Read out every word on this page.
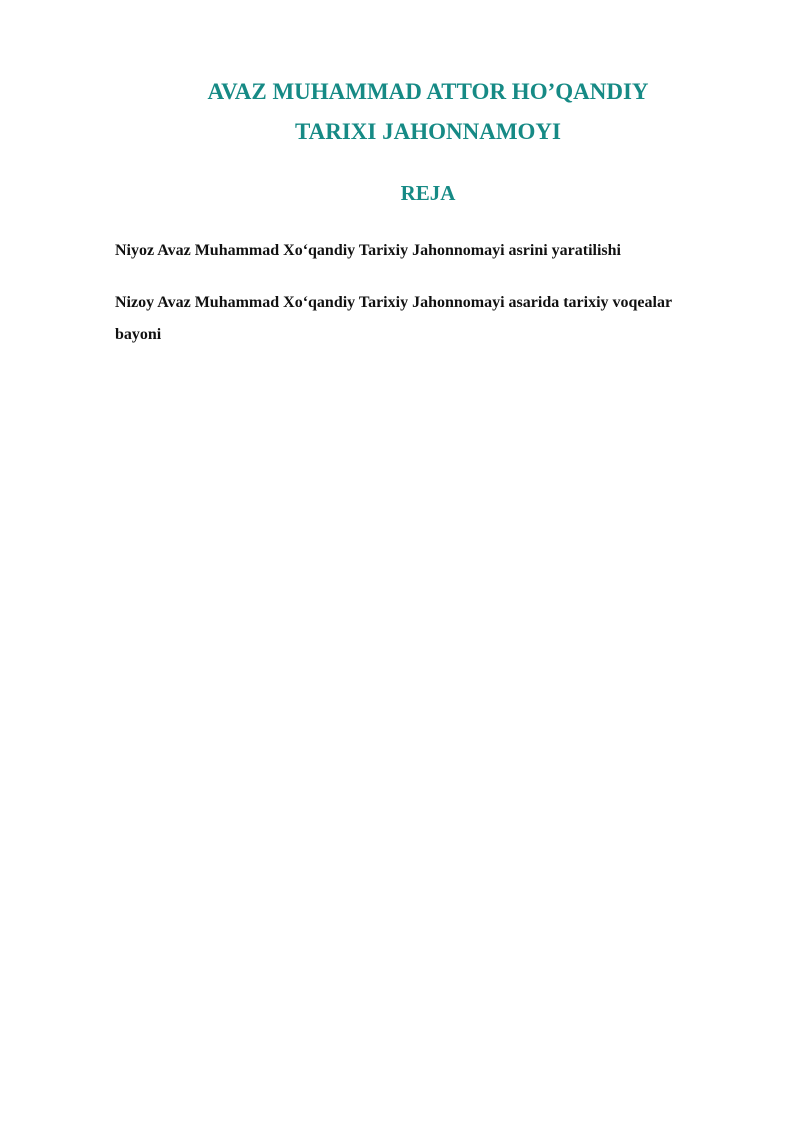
AVAZ MUHAMMAD ATTOR HO’QANDIY
TARIXI JAHONNAMOYI
REJA
Niyoz Avaz Muhammad Xo‘qandiy Tarixiy Jahonnomayi asrini yaratilishi
Nizoy Avaz Muhammad Xo‘qandiy Tarixiy Jahonnomayi asarida tarixiy voqealar bayoni
